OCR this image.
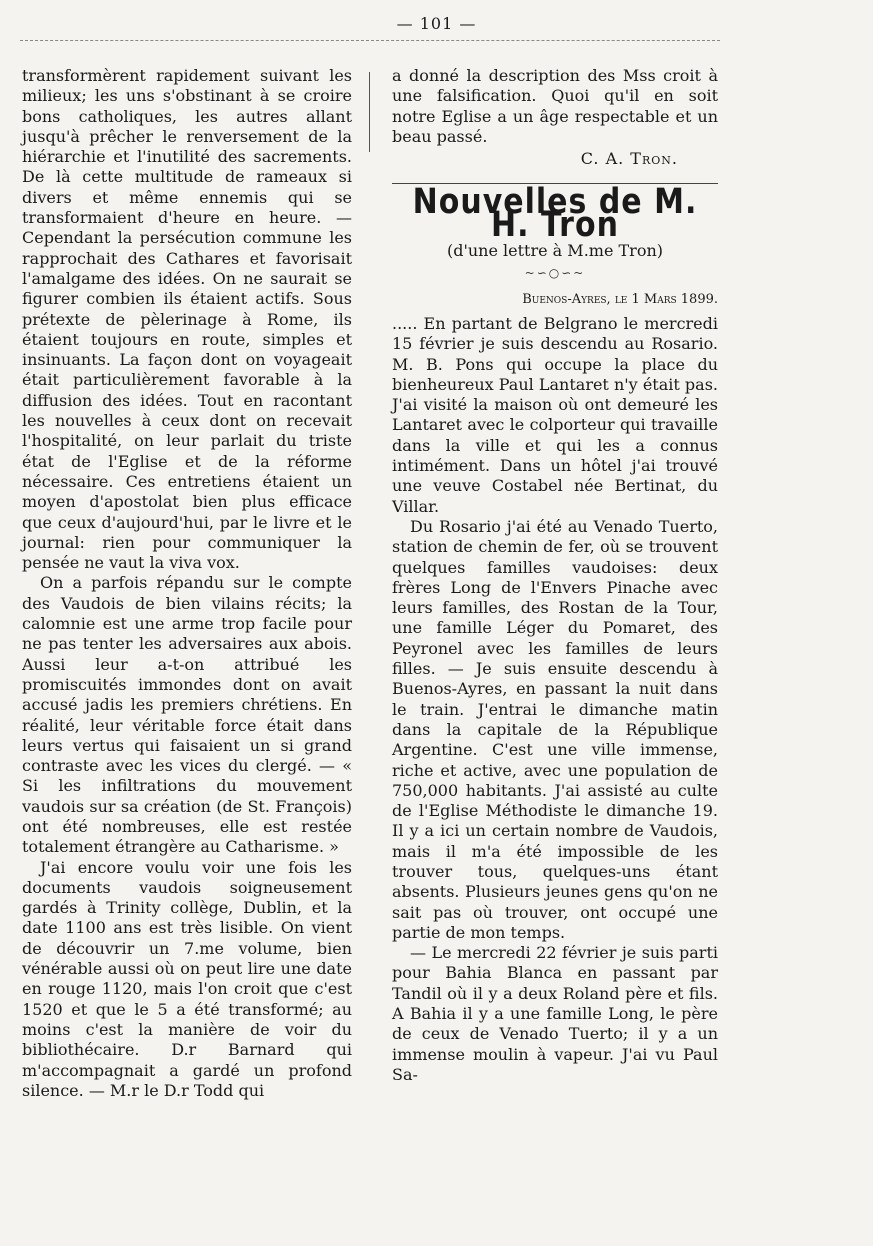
— 101 —

transformèrent rapidement suivant les milieux; les uns s'obstinant à se croire bons catholiques, les autres allant jusqu'à prêcher le renversement de la hiérarchie et l'inutilité des sacrements. De là cette multitude de rameaux si divers et même ennemis qui se transformaient d'heure en heure. — Cependant la persécution commune les rapprochait des Cathares et favorisait l'amalgame des idées. On ne saurait se figurer combien ils étaient actifs. Sous prétexte de pèlerinage à Rome, ils étaient toujours en route, simples et insinuants. La façon dont on voyageait était particulièrement favorable à la diffusion des idées. Tout en racontant les nouvelles à ceux dont on recevait l'hospitalité, on leur parlait du triste état de l'Eglise et de la réforme nécessaire. Ces entretiens étaient un moyen d'apostolat bien plus efficace que ceux d'aujourd'hui, par le livre et le journal: rien pour communiquer la pensée ne vaut la viva vox.

On a parfois répandu sur le compte des Vaudois de bien vilains récits; la calomnie est une arme trop facile pour ne pas tenter les adversaires aux abois. Aussi leur a-t-on attribué les promiscuités immondes dont on avait accusé jadis les premiers chrétiens. En réalité, leur véritable force était dans leurs vertus qui faisaient un si grand contraste avec les vices du clergé. — « Si les infiltrations du mouvement vaudois sur sa création (de St. François) ont été nombreuses, elle est restée totalement étrangère au Catharisme. »

J'ai encore voulu voir une fois les documents vaudois soigneusement gardés à Trinity collège, Dublin, et la date 1100 ans est très lisible. On vient de découvrir un 7.me volume, bien vénérable aussi où on peut lire une date en rouge 1120, mais l'on croit que c'est 1520 et que le 5 a été transformé; au moins c'est la manière de voir du bibliothécaire. D.r Barnard qui m'accompagnait a gardé un profond silence. — M.r le D.r Todd qui

a donné la description des Mss croit à une falsification. Quoi qu'il en soit notre Eglise a un âge respectable et un beau passé.

C. A. Tron.

Nouvelles de M. H. Tron
(d'une lettre à M.me Tron)
~∽○∽~

Buenos-Ayres, le 1 Mars 1899.

..... En partant de Belgrano le mercredi 15 février je suis descendu au Rosario. M. B. Pons qui occupe la place du bienheureux Paul Lantaret n'y était pas. J'ai visité la maison où ont demeuré les Lantaret avec le colporteur qui travaille dans la ville et qui les a connus intimément. Dans un hôtel j'ai trouvé une veuve Costabel née Bertinat, du Villar.

Du Rosario j'ai été au Venado Tuerto, station de chemin de fer, où se trouvent quelques familles vaudoises: deux frères Long de l'Envers Pinache avec leurs familles, des Rostan de la Tour, une famille Léger du Pomaret, des Peyronel avec les familles de leurs filles. — Je suis ensuite descendu à Buenos-Ayres, en passant la nuit dans le train. J'entrai le dimanche matin dans la capitale de la République Argentine. C'est une ville immense, riche et active, avec une population de 750,000 habitants. J'ai assisté au culte de l'Eglise Méthodiste le dimanche 19. Il y a ici un certain nombre de Vaudois, mais il m'a été impossible de les trouver tous, quelques-uns étant absents. Plusieurs jeunes gens qu'on ne sait pas où trouver, ont occupé une partie de mon temps.

— Le mercredi 22 février je suis parti pour Bahia Blanca en passant par Tandil où il y a deux Roland père et fils. A Bahia il y a une famille Long, le père de ceux de Venado Tuerto; il y a un immense moulin à vapeur. J'ai vu Paul Sa-
